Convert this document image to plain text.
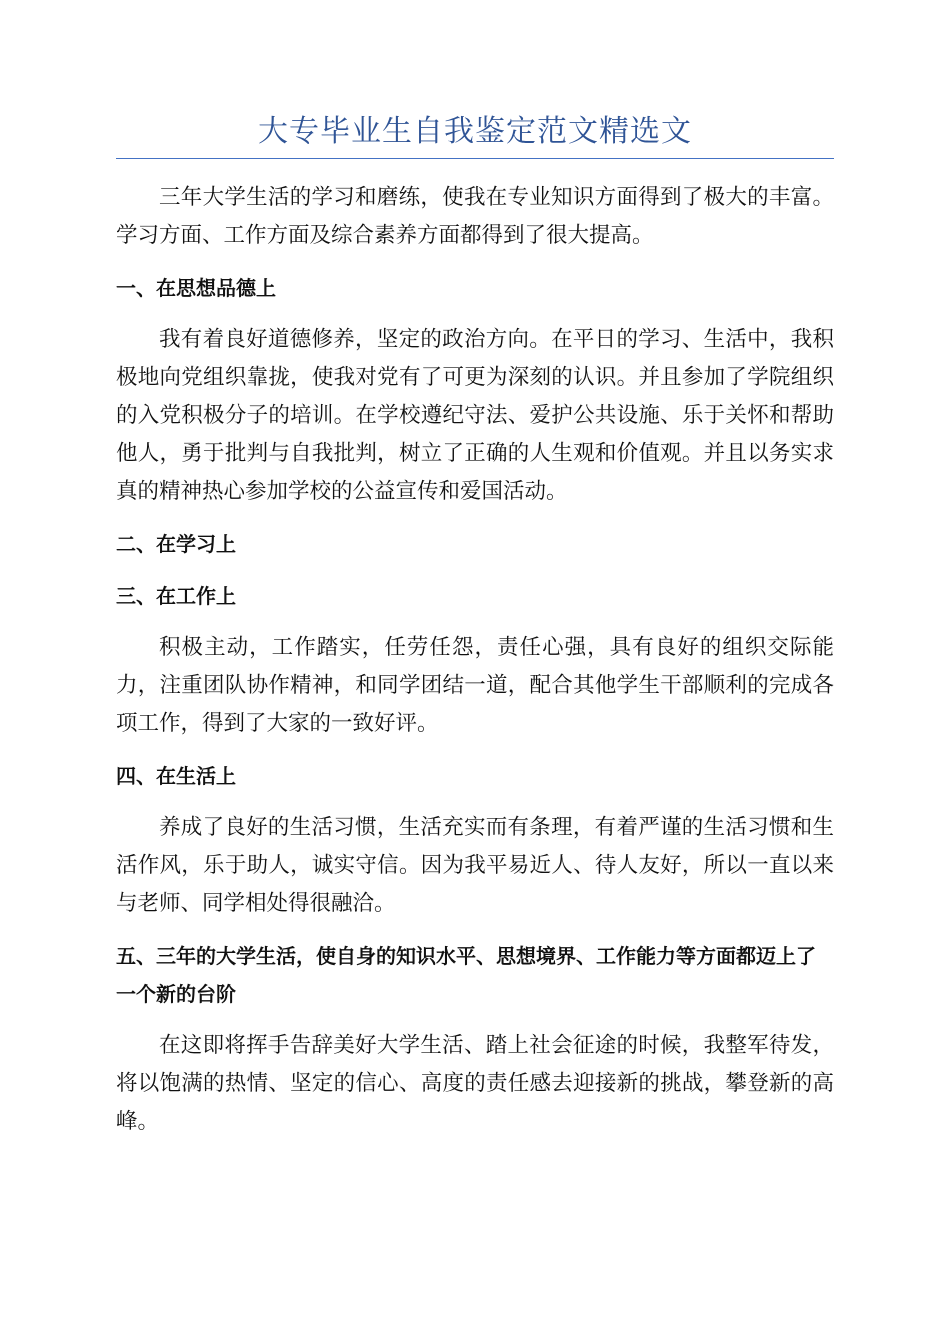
大专毕业生自我鉴定范文精选文

三年大学生活的学习和磨练，使我在专业知识方面得到了极大的丰富。学习方面、工作方面及综合素养方面都得到了很大提高。

一、在思想品德上

我有着良好道德修养，坚定的政治方向。在平日的学习、生活中，我积极地向党组织靠拢，使我对党有了可更为深刻的认识。并且参加了学院组织的入党积极分子的培训。在学校遵纪守法、爱护公共设施、乐于关怀和帮助他人，勇于批判与自我批判，树立了正确的人生观和价值观。并且以务实求真的精神热心参加学校的公益宣传和爱国活动。

二、在学习上
三、在工作上

积极主动，工作踏实，任劳任怨，责任心强，具有良好的组织交际能力，注重团队协作精神，和同学团结一道，配合其他学生干部顺利的完成各项工作，得到了大家的一致好评。

四、在生活上

养成了良好的生活习惯，生活充实而有条理，有着严谨的生活习惯和生活作风，乐于助人，诚实守信。因为我平易近人、待人友好，所以一直以来与老师、同学相处得很融洽。

五、三年的大学生活，使自身的知识水平、思想境界、工作能力等方面都迈上了一个新的台阶

在这即将挥手告辞美好大学生活、踏上社会征途的时候，我整军待发，将以饱满的热情、坚定的信心、高度的责任感去迎接新的挑战，攀登新的高峰。
